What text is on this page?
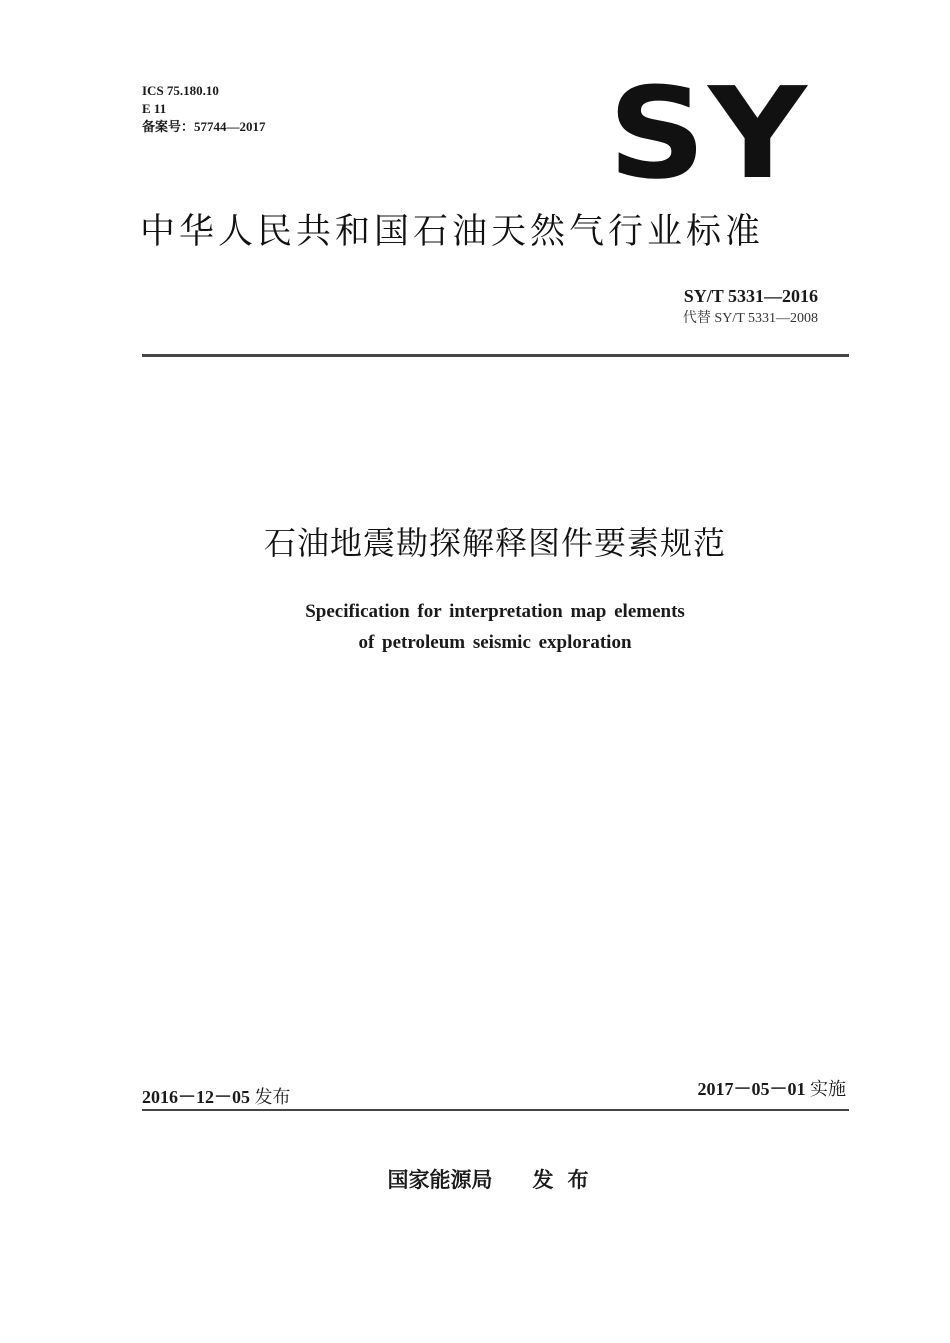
ICS 75.180.10
E 11
备案号：57744—2017	SY
中华人民共和国石油天然气行业标准
SY/T 5331—2016
代替 SY/T 5331—2008
石油地震勘探解释图件要素规范
Specification for interpretation map elements
of petroleum seismic exploration
2016－12－05 发布	2017－05－01 实施
国家能源局 发布
